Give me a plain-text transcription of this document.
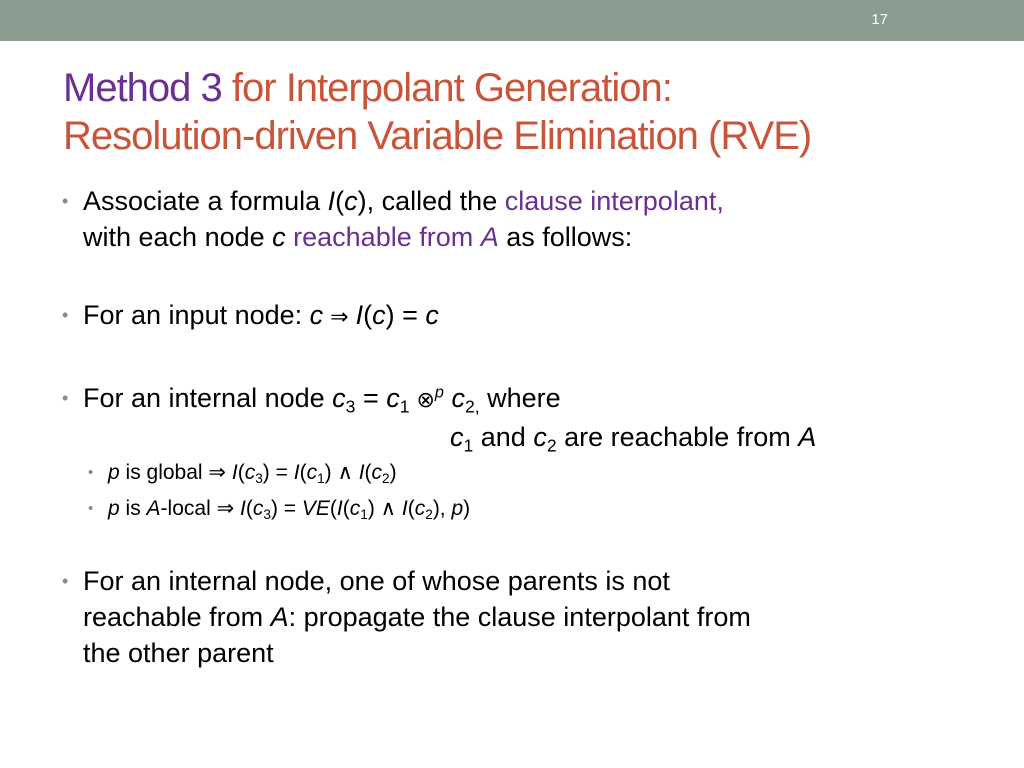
17
Method 3 for Interpolant Generation:
Resolution-driven Variable Elimination (RVE)
• Associate a formula I(c), called the clause interpolant,
with each node c reachable from A as follows:
• For an input node: c ⇒ I(c) = c
• For an internal node $c_3 = c_1$ ⊗$^p$ $c_{2,}$ where
$c_1$ and $c_2$ are reachable from A
• p is global ⇒ $I(c_3) = I(c_1)$ ∧ $I(c_2)$
• p is A-local ⇒ $I(c_3) = VE(I(c_1)$ ∧ $I(c_2)$, p)
• For an internal node, one of whose parents is not
reachable from A: propagate the clause interpolant from
the other parent
